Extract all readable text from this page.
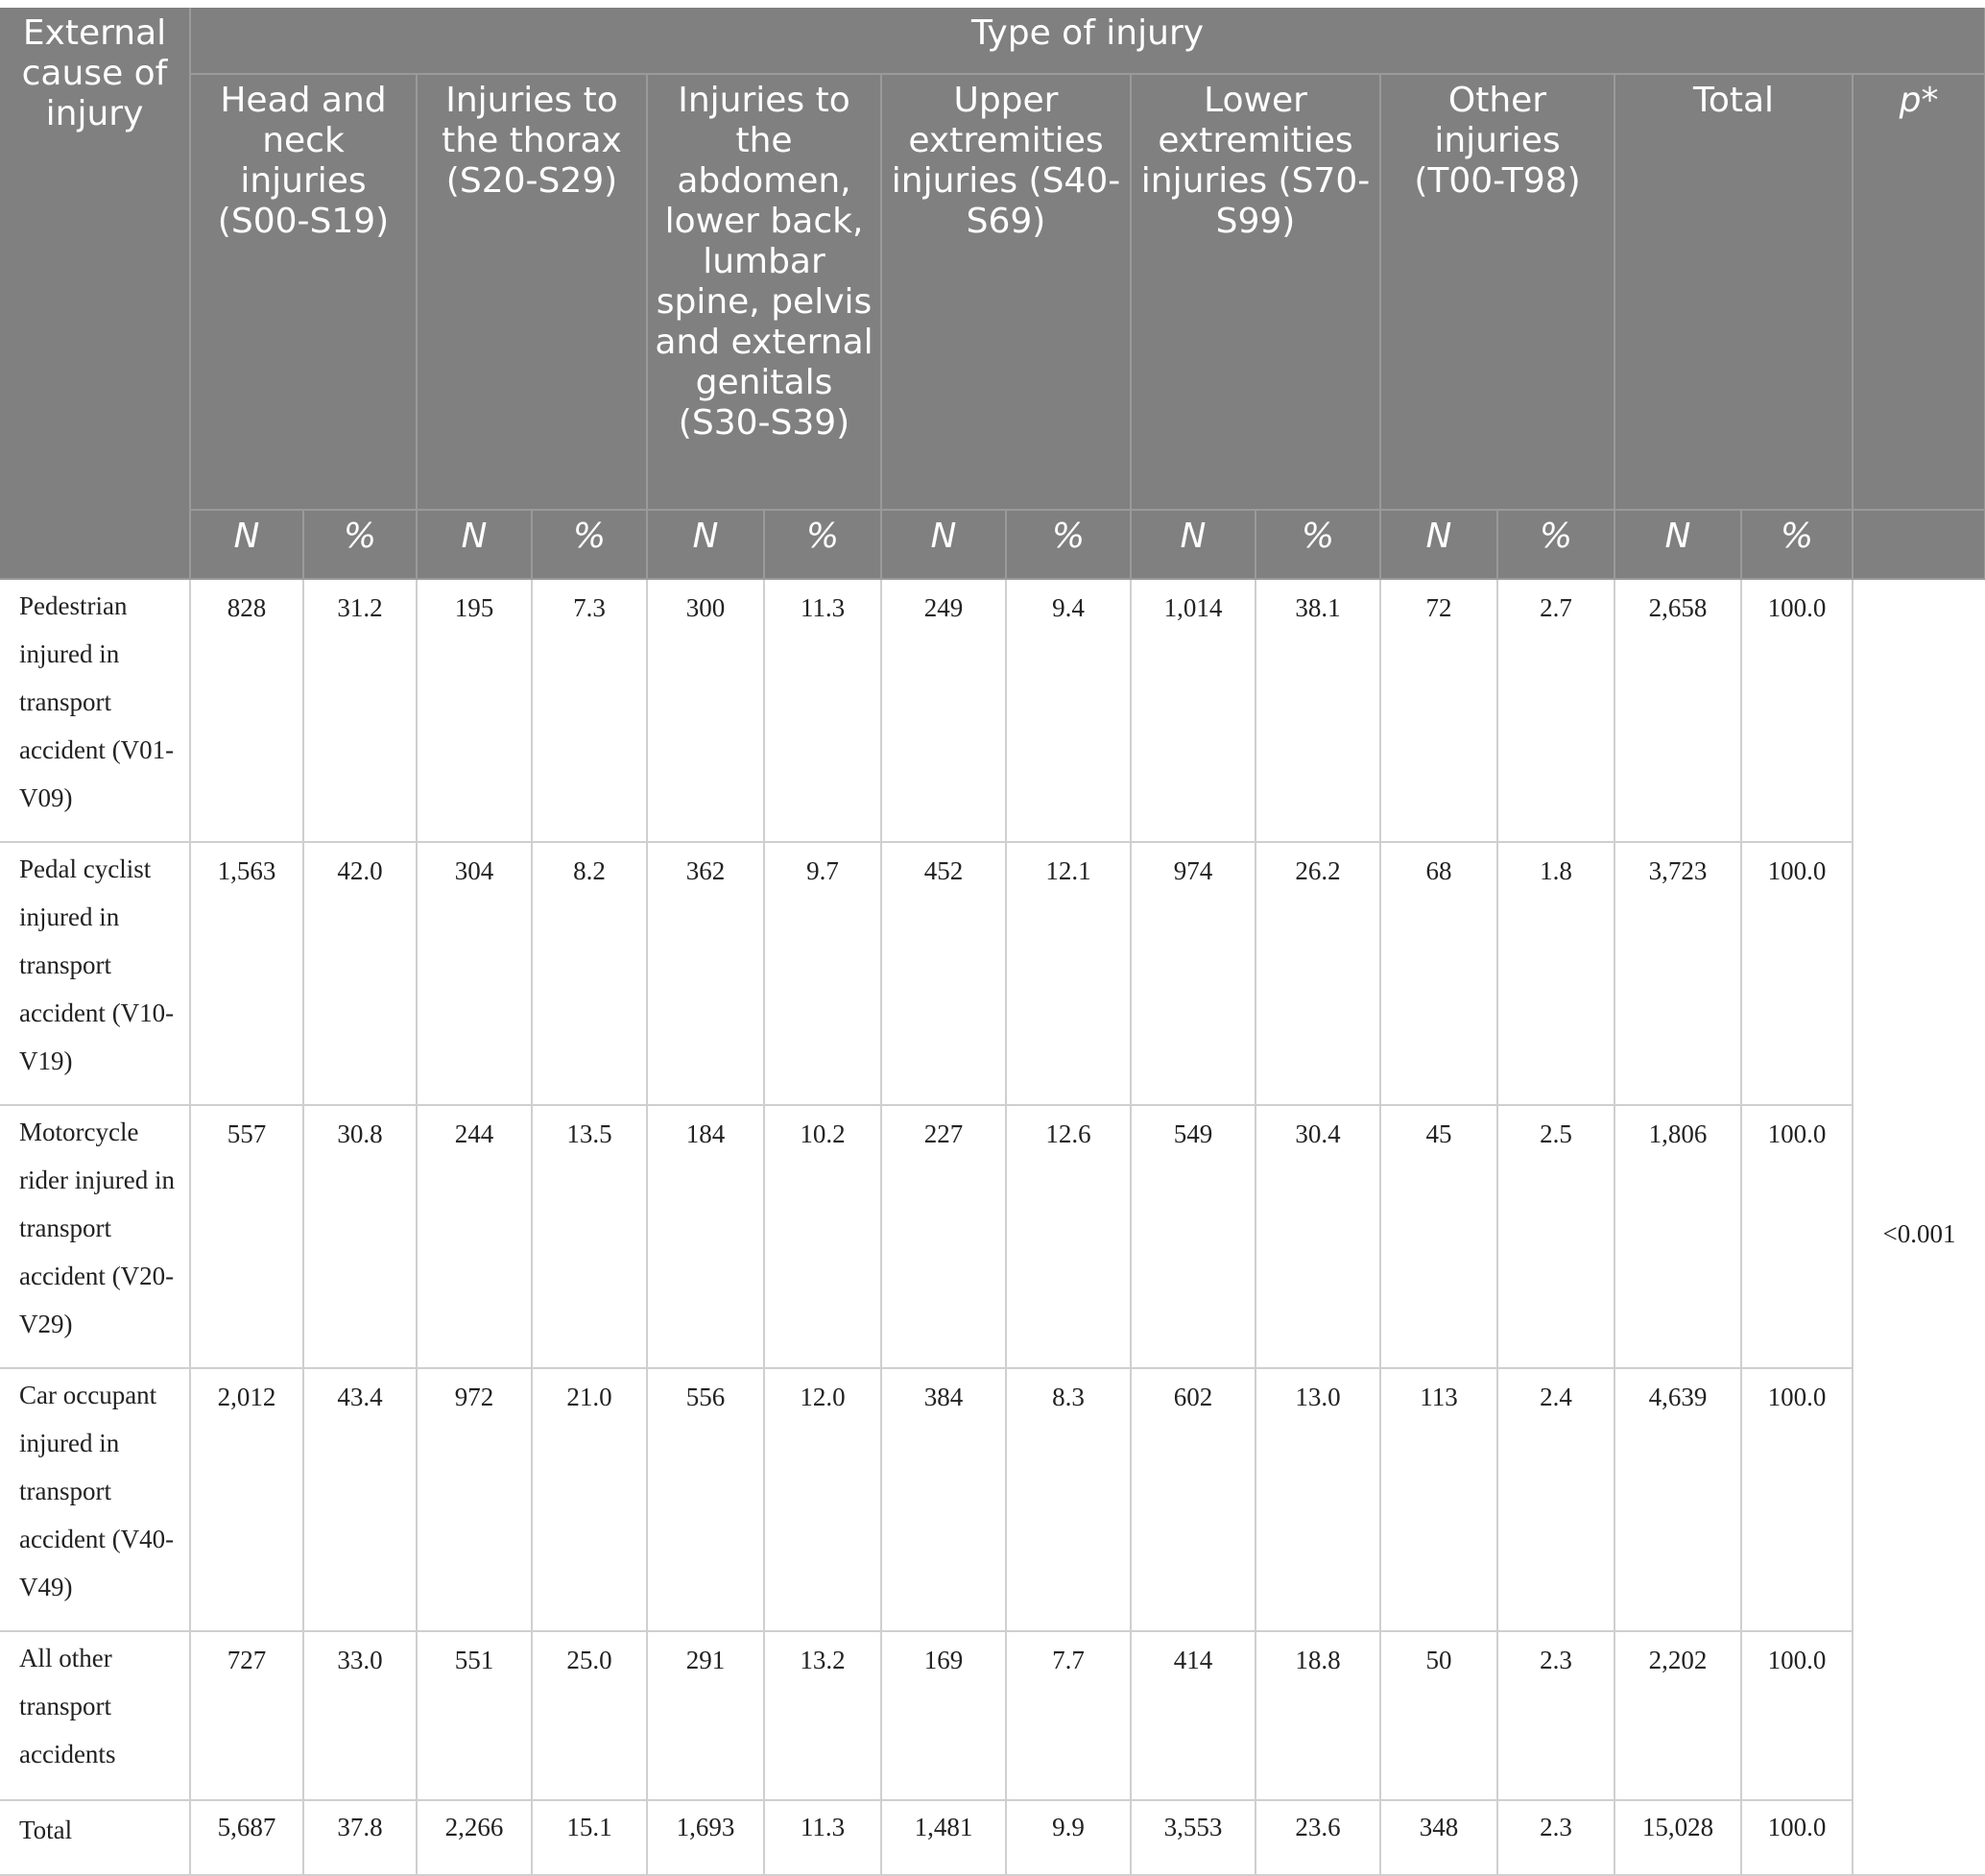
External cause of injury	Type of injury														
	Head and neck injuries (S00-S19)		Injuries to the thorax (S20-S29)		Injuries to the abdomen, lower back, lumbar spine, pelvis and external genitals (S30-S39)		Upper extremities injuries (S40-S69)		Lower extremities injuries (S70-S99)		Other injuries (T00-T98)		Total		p*
	N	%	N	%	N	%	N	%	N	%	N	%	N	%	
Pedestrian injured in transport accident (V01-V09)	828	31.2	195	7.3	300	11.3	249	9.4	1,014	38.1	72	2.7	2,658	100.0	<0.001
Pedal cyclist injured in transport accident (V10-V19)	1,563	42.0	304	8.2	362	9.7	452	12.1	974	26.2	68	1.8	3,723	100.0	
Motorcycle rider injured in transport accident (V20-V29)	557	30.8	244	13.5	184	10.2	227	12.6	549	30.4	45	2.5	1,806	100.0	
Car occupant injured in transport accident (V40-V49)	2,012	43.4	972	21.0	556	12.0	384	8.3	602	13.0	113	2.4	4,639	100.0	
All other transport accidents	727	33.0	551	25.0	291	13.2	169	7.7	414	18.8	50	2.3	2,202	100.0	
Total	5,687	37.8	2,266	15.1	1,693	11.3	1,481	9.9	3,553	23.6	348	2.3	15,028	100.0	
